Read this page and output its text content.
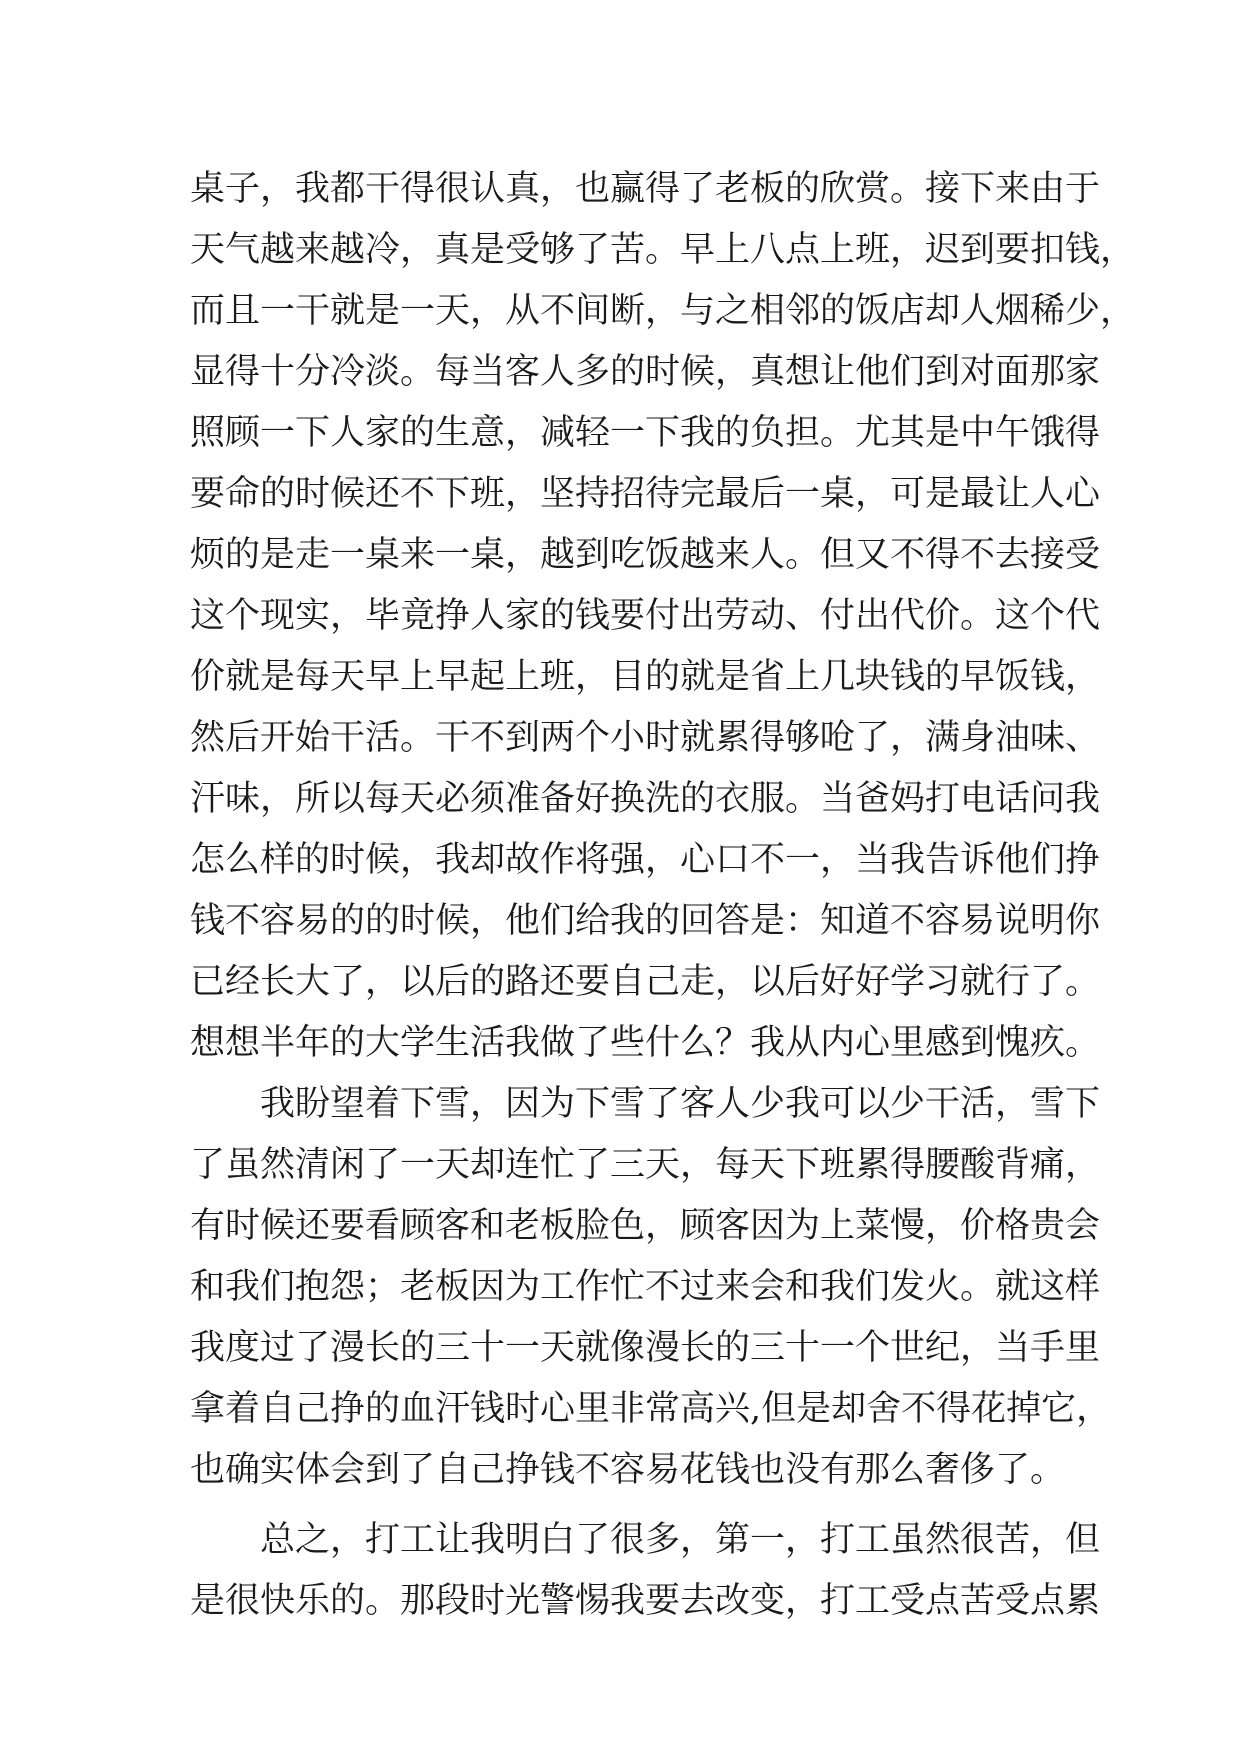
桌子，我都干得很认真，也赢得了老板的欣赏。接下来由于
天气越来越冷，真是受够了苦。早上八点上班，迟到要扣钱，
而且一干就是一天，从不间断，与之相邻的饭店却人烟稀少，
显得十分冷淡。每当客人多的时候，真想让他们到对面那家
照顾一下人家的生意，减轻一下我的负担。尤其是中午饿得
要命的时候还不下班，坚持招待完最后一桌，可是最让人心
烦的是走一桌来一桌，越到吃饭越来人。但又不得不去接受
这个现实，毕竟挣人家的钱要付出劳动、付出代价。这个代
价就是每天早上早起上班，目的就是省上几块钱的早饭钱，
然后开始干活。干不到两个小时就累得够呛了，满身油味、
汗味，所以每天必须准备好换洗的衣服。当爸妈打电话问我
怎么样的时候，我却故作将强，心口不一，当我告诉他们挣
钱不容易的的时候，他们给我的回答是：知道不容易说明你
已经长大了，以后的路还要自己走，以后好好学习就行了。
想想半年的大学生活我做了些什么？我从内心里感到愧疚。
我盼望着下雪，因为下雪了客人少我可以少干活，雪下
了虽然清闲了一天却连忙了三天，每天下班累得腰酸背痛，
有时候还要看顾客和老板脸色，顾客因为上菜慢，价格贵会
和我们抱怨；老板因为工作忙不过来会和我们发火。就这样
我度过了漫长的三十一天就像漫长的三十一个世纪，当手里
拿着自己挣的血汗钱时心里非常高兴,但是却舍不得花掉它，
也确实体会到了自己挣钱不容易花钱也没有那么奢侈了。
总之，打工让我明白了很多，第一，打工虽然很苦，但
是很快乐的。那段时光警惕我要去改变，打工受点苦受点累
